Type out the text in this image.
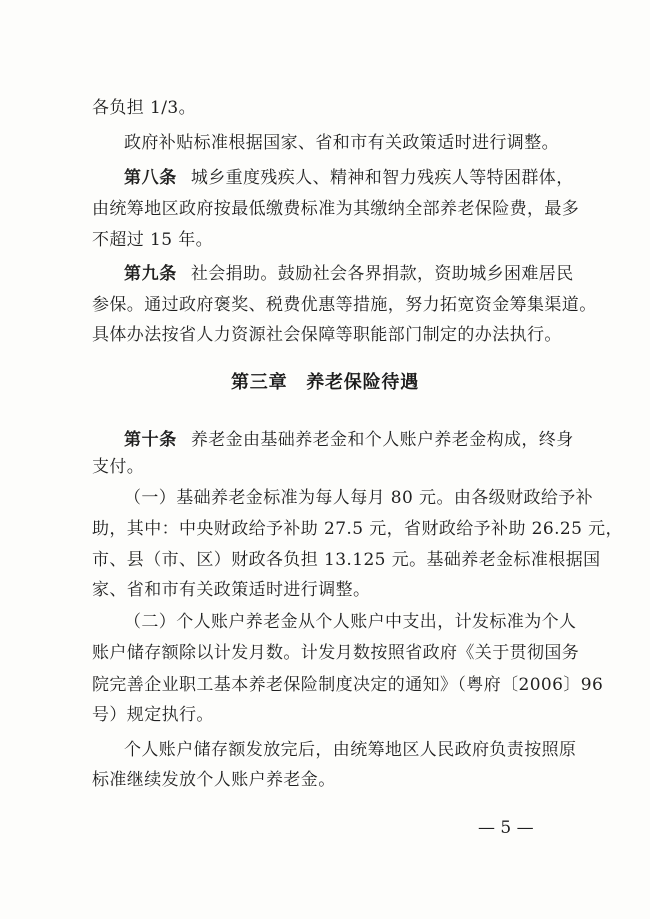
各负担 1/3。
政府补贴标准根据国家、省和市有关政策适时进行调整。
第八条 城乡重度残疾人、精神和智力残疾人等特困群体，
由统筹地区政府按最低缴费标准为其缴纳全部养老保险费，最多
不超过 15 年。
第九条 社会捐助。鼓励社会各界捐款，资助城乡困难居民
参保。通过政府褒奖、税费优惠等措施，努力拓宽资金筹集渠道。
具体办法按省人力资源社会保障等职能部门制定的办法执行。
第三章　养老保险待遇
第十条 养老金由基础养老金和个人账户养老金构成，终身
支付。
（一）基础养老金标准为每人每月 80 元。由各级财政给予补
助，其中：中央财政给予补助 27.5 元，省财政给予补助 26.25 元，
市、县（市、区）财政各负担 13.125 元。基础养老金标准根据国
家、省和市有关政策适时进行调整。
（二）个人账户养老金从个人账户中支出，计发标准为个人
账户储存额除以计发月数。计发月数按照省政府《关于贯彻国务
院完善企业职工基本养老保险制度决定的通知》（粤府〔2006〕96
号）规定执行。
个人账户储存额发放完后，由统筹地区人民政府负责按照原
标准继续发放个人账户养老金。
— 5 —
